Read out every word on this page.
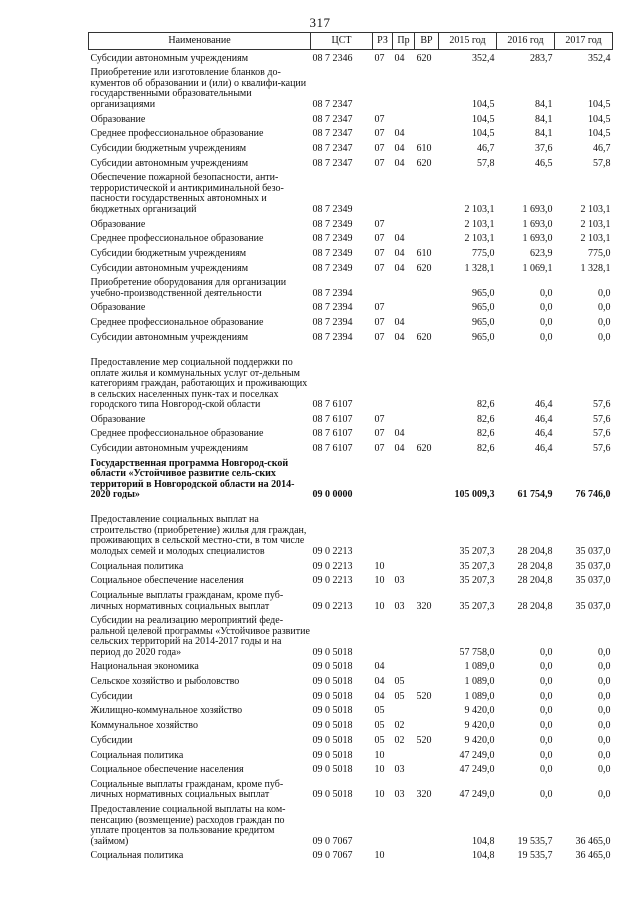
317
Наименование	ЦСТ	РЗ	Пр	ВР	2015 год	2016 год	2017 год
Субсидии автономным учреждениям	08 7 2346	07	04	620	352,4	283,7	352,4
Приобретение или изготовление бланков до-кументов об образовании и (или) о квалифи-кации государственными образовательными организациями	08 7 2347				104,5	84,1	104,5
Образование	08 7 2347	07			104,5	84,1	104,5
Среднее профессиональное образование	08 7 2347	07	04		104,5	84,1	104,5
Субсидии бюджетным учреждениям	08 7 2347	07	04	610	46,7	37,6	46,7
Субсидии автономным учреждениям	08 7 2347	07	04	620	57,8	46,5	57,8
Обеспечение пожарной безопасности, анти-террористической и антикриминальной безо-пасности государственных автономных и бюджетных организаций	08 7 2349				2 103,1	1 693,0	2 103,1
Образование	08 7 2349	07			2 103,1	1 693,0	2 103,1
Среднее профессиональное образование	08 7 2349	07	04		2 103,1	1 693,0	2 103,1
Субсидии бюджетным учреждениям	08 7 2349	07	04	610	775,0	623,9	775,0
Субсидии автономным учреждениям	08 7 2349	07	04	620	1 328,1	1 069,1	1 328,1
Приобретение оборудования для организации учебно-производственной деятельности	08 7 2394				965,0	0,0	0,0
Образование	08 7 2394	07			965,0	0,0	0,0
Среднее профессиональное образование	08 7 2394	07	04		965,0	0,0	0,0
Субсидии автономным учреждениям	08 7 2394	07	04	620	965,0	0,0	0,0
Предоставление мер социальной поддержки по оплате жилья и коммунальных услуг от-дельным категориям граждан, работающих и проживающих в сельских населенных пунк-тах и поселках городского типа Новгород-ской области	08 7 6107				82,6	46,4	57,6
Образование	08 7 6107	07			82,6	46,4	57,6
Среднее профессиональное образование	08 7 6107	07	04		82,6	46,4	57,6
Субсидии автономным учреждениям	08 7 6107	07	04	620	82,6	46,4	57,6
Государственная программа Новгород-ской области «Устойчивое развитие сель-ских территорий в Новгородской области на 2014-2020 годы»	09 0 0000				105 009,3	61 754,9	76 746,0
Предоставление социальных выплат на строительство (приобретение) жилья для граждан, проживающих в сельской местно-сти, в том числе молодых семей и молодых специалистов	09 0 2213				35 207,3	28 204,8	35 037,0
Социальная политика	09 0 2213	10			35 207,3	28 204,8	35 037,0
Социальное обеспечение населения	09 0 2213	10	03		35 207,3	28 204,8	35 037,0
Социальные выплаты гражданам, кроме пуб-личных нормативных социальных выплат	09 0 2213	10	03	320	35 207,3	28 204,8	35 037,0
Субсидии на реализацию мероприятий феде-ральной целевой программы «Устойчивое развитие сельских территорий на 2014-2017 годы и на период до 2020 года»	09 0 5018				57 758,0	0,0	0,0
Национальная экономика	09 0 5018	04			1 089,0	0,0	0,0
Сельское хозяйство и рыболовство	09 0 5018	04	05		1 089,0	0,0	0,0
Субсидии	09 0 5018	04	05	520	1 089,0	0,0	0,0
Жилищно-коммунальное хозяйство	09 0 5018	05			9 420,0	0,0	0,0
Коммунальное хозяйство	09 0 5018	05	02		9 420,0	0,0	0,0
Субсидии	09 0 5018	05	02	520	9 420,0	0,0	0,0
Социальная политика	09 0 5018	10			47 249,0	0,0	0,0
Социальное обеспечение населения	09 0 5018	10	03		47 249,0	0,0	0,0
Социальные выплаты гражданам, кроме пуб-личных нормативных социальных выплат	09 0 5018	10	03	320	47 249,0	0,0	0,0
Предоставление социальной выплаты на ком-пенсацию (возмещение) расходов граждан по уплате процентов за пользование кредитом (займом)	09 0 7067				104,8	19 535,7	36 465,0
Социальная политика	09 0 7067	10			104,8	19 535,7	36 465,0
